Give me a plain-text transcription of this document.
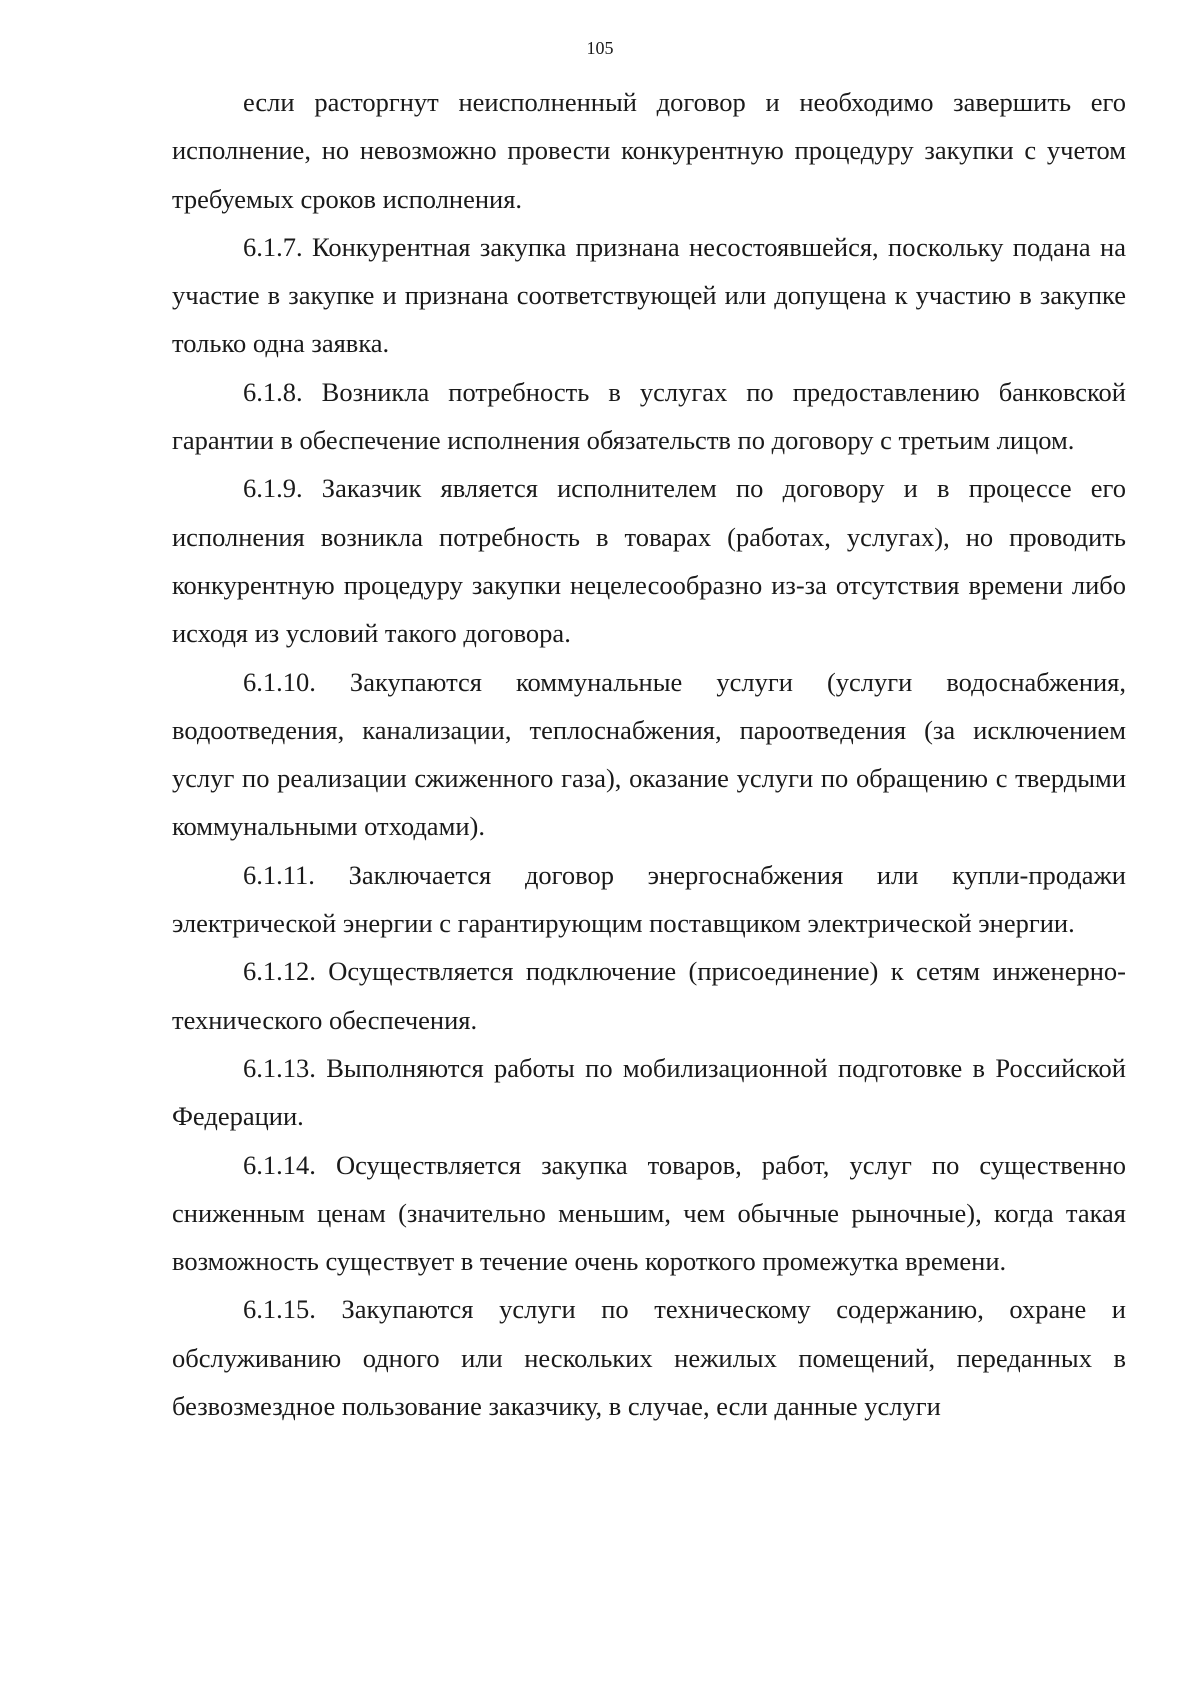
105

если расторгнут неисполненный договор и необходимо завершить его исполнение, но невозможно провести конкурентную процедуру закупки с учетом требуемых сроков исполнения.

6.1.7. Конкурентная закупка признана несостоявшейся, поскольку подана на участие в закупке и признана соответствующей или допущена к участию в закупке только одна заявка.

6.1.8. Возникла потребность в услугах по предоставлению банковской гарантии в обеспечение исполнения обязательств по договору с третьим лицом.

6.1.9. Заказчик является исполнителем по договору и в процессе его исполнения возникла потребность в товарах (работах, услугах), но проводить конкурентную процедуру закупки нецелесообразно из-за отсутствия времени либо исходя из условий такого договора.

6.1.10. Закупаются коммунальные услуги (услуги водоснабжения, водоотведения, канализации, теплоснабжения, пароотведения (за исключением услуг по реализации сжиженного газа), оказание услуги по обращению с твердыми коммунальными отходами).

6.1.11. Заключается договор энергоснабжения или купли-продажи электрической энергии с гарантирующим поставщиком электрической энергии.

6.1.12. Осуществляется подключение (присоединение) к сетям инженерно-технического обеспечения.

6.1.13. Выполняются работы по мобилизационной подготовке в Российской Федерации.

6.1.14. Осуществляется закупка товаров, работ, услуг по существенно сниженным ценам (значительно меньшим, чем обычные рыночные), когда такая возможность существует в течение очень короткого промежутка времени.

6.1.15. Закупаются услуги по техническому содержанию, охране и обслуживанию одного или нескольких нежилых помещений, переданных в безвозмездное пользование заказчику, в случае, если данные услуги
